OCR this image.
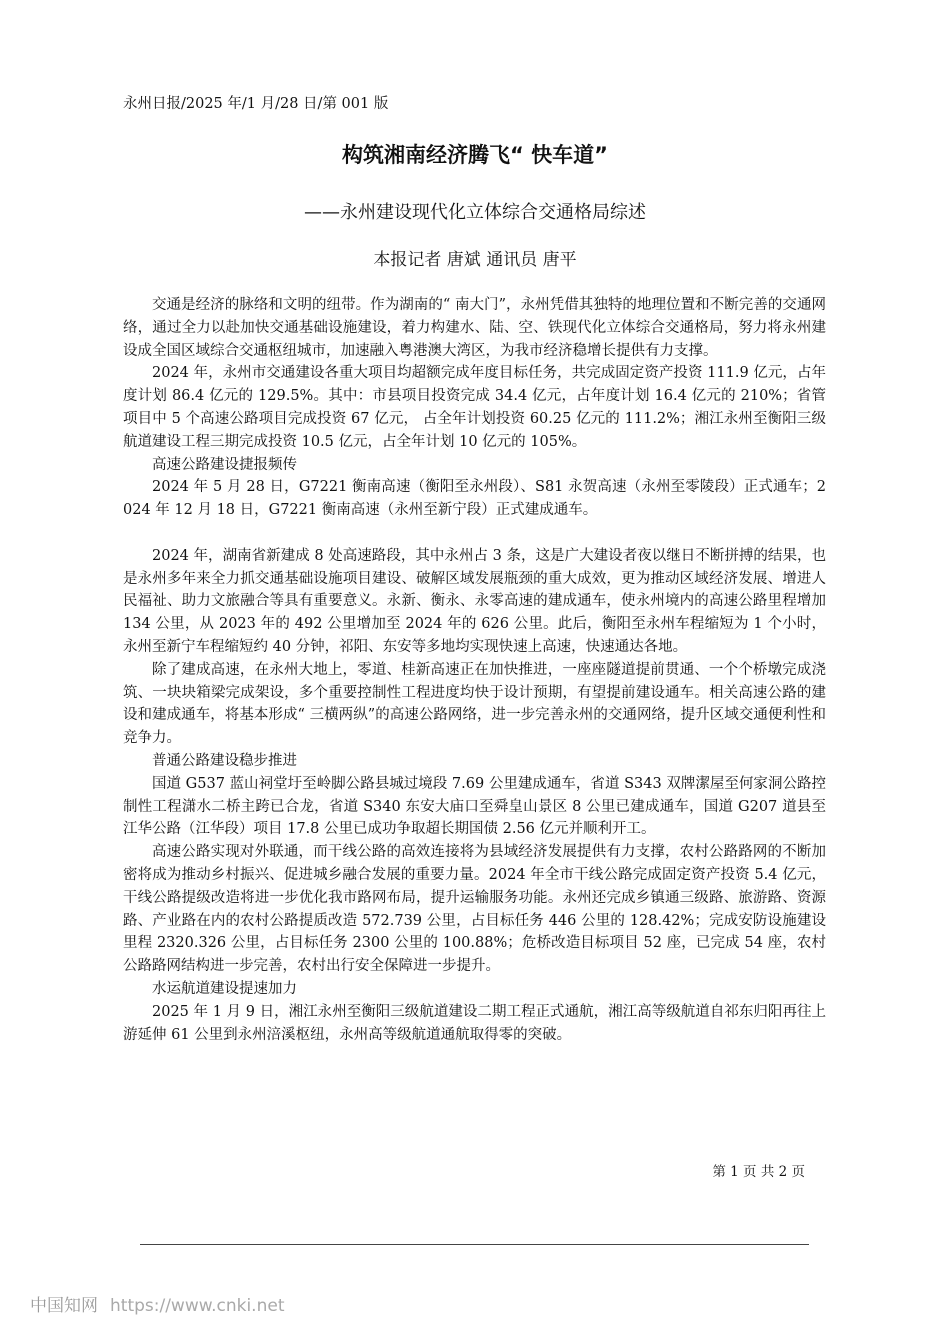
永州日报/2025 年/1 月/28 日/第 001 版
构筑湘南经济腾飞“ 快车道”
——永州建设现代化立体综合交通格局综述
本报记者 唐斌 通讯员 唐平

交通是经济的脉络和文明的纽带。作为湖南的“ 南大门”，永州凭借其独特的地理位置和不断完善的交通网络，通过全力以赴加快交通基础设施建设，着力构建水、陆、空、铁现代化立体综合交通格局，努力将永州建设成全国区域综合交通枢纽城市，加速融入粤港澳大湾区，为我市经济稳增长提供有力支撑。

2024 年，永州市交通建设各重大项目均超额完成年度目标任务，共完成固定资产投资 111.9 亿元，占年度计划 86.4 亿元的 129.5%。其中：市县项目投资完成 34.4 亿元，占年度计划 16.4 亿元的 210%；省管项目中 5 个高速公路项目完成投资 67 亿元， 占全年计划投资 60.25 亿元的 111.2%；湘江永州至衡阳三级航道建设工程三期完成投资 10.5 亿元，占全年计划 10 亿元的 105%。

高速公路建设捷报频传

2024 年 5 月 28 日，G7221 衡南高速（衡阳至永州段）、S81 永贺高速（永州至零陵段）正式通车；2024 年 12 月 18 日，G7221 衡南高速（永州至新宁段）正式建成通车。

2024 年，湖南省新建成 8 处高速路段，其中永州占 3 条，这是广大建设者夜以继日不断拼搏的结果，也是永州多年来全力抓交通基础设施项目建设、破解区域发展瓶颈的重大成效，更为推动区域经济发展、增进人民福祉、助力文旅融合等具有重要意义。永新、衡永、永零高速的建成通车，使永州境内的高速公路里程增加 134 公里，从 2023 年的 492 公里增加至 2024 年的 626 公里。此后，衡阳至永州车程缩短为 1 个小时，永州至新宁车程缩短约 40 分钟，祁阳、东安等多地均实现快速上高速，快速通达各地。

除了建成高速，在永州大地上，零道、桂新高速正在加快推进，一座座隧道提前贯通、一个个桥墩完成浇筑、一块块箱梁完成架设，多个重要控制性工程进度均快于设计预期，有望提前建设通车。相关高速公路的建设和建成通车，将基本形成“ 三横两纵”的高速公路网络，进一步完善永州的交通网络，提升区域交通便利性和竞争力。

普通公路建设稳步推进

国道 G537 蓝山祠堂圩至岭脚公路县城过境段 7.69 公里建成通车，省道 S343 双牌潔屋至何家洞公路控制性工程潇水二桥主跨已合龙，省道 S340 东安大庙口至舜皇山景区 8 公里已建成通车，国道 G207 道县至江华公路（江华段）项目 17.8 公里已成功争取超长期国债 2.56 亿元并顺利开工。

高速公路实现对外联通，而干线公路的高效连接将为县域经济发展提供有力支撑，农村公路路网的不断加密将成为推动乡村振兴、促进城乡融合发展的重要力量。2024 年全市干线公路完成固定资产投资 5.4 亿元，干线公路提级改造将进一步优化我市路网布局，提升运输服务功能。永州还完成乡镇通三级路、旅游路、资源路、产业路在内的农村公路提质改造 572.739 公里，占目标任务 446 公里的 128.42%；完成安防设施建设里程 2320.326 公里，占目标任务 2300 公里的 100.88%；危桥改造目标项目 52 座，已完成 54 座，农村公路路网结构进一步完善，农村出行安全保障进一步提升。

水运航道建设提速加力

2025 年 1 月 9 日，湘江永州至衡阳三级航道建设二期工程正式通航，湘江高等级航道自祁东归阳再往上游延伸 61 公里到永州涪溪枢纽，永州高等级航道通航取得零的突破。

第 1 页 共 2 页
中国知网 https://www.cnki.net
